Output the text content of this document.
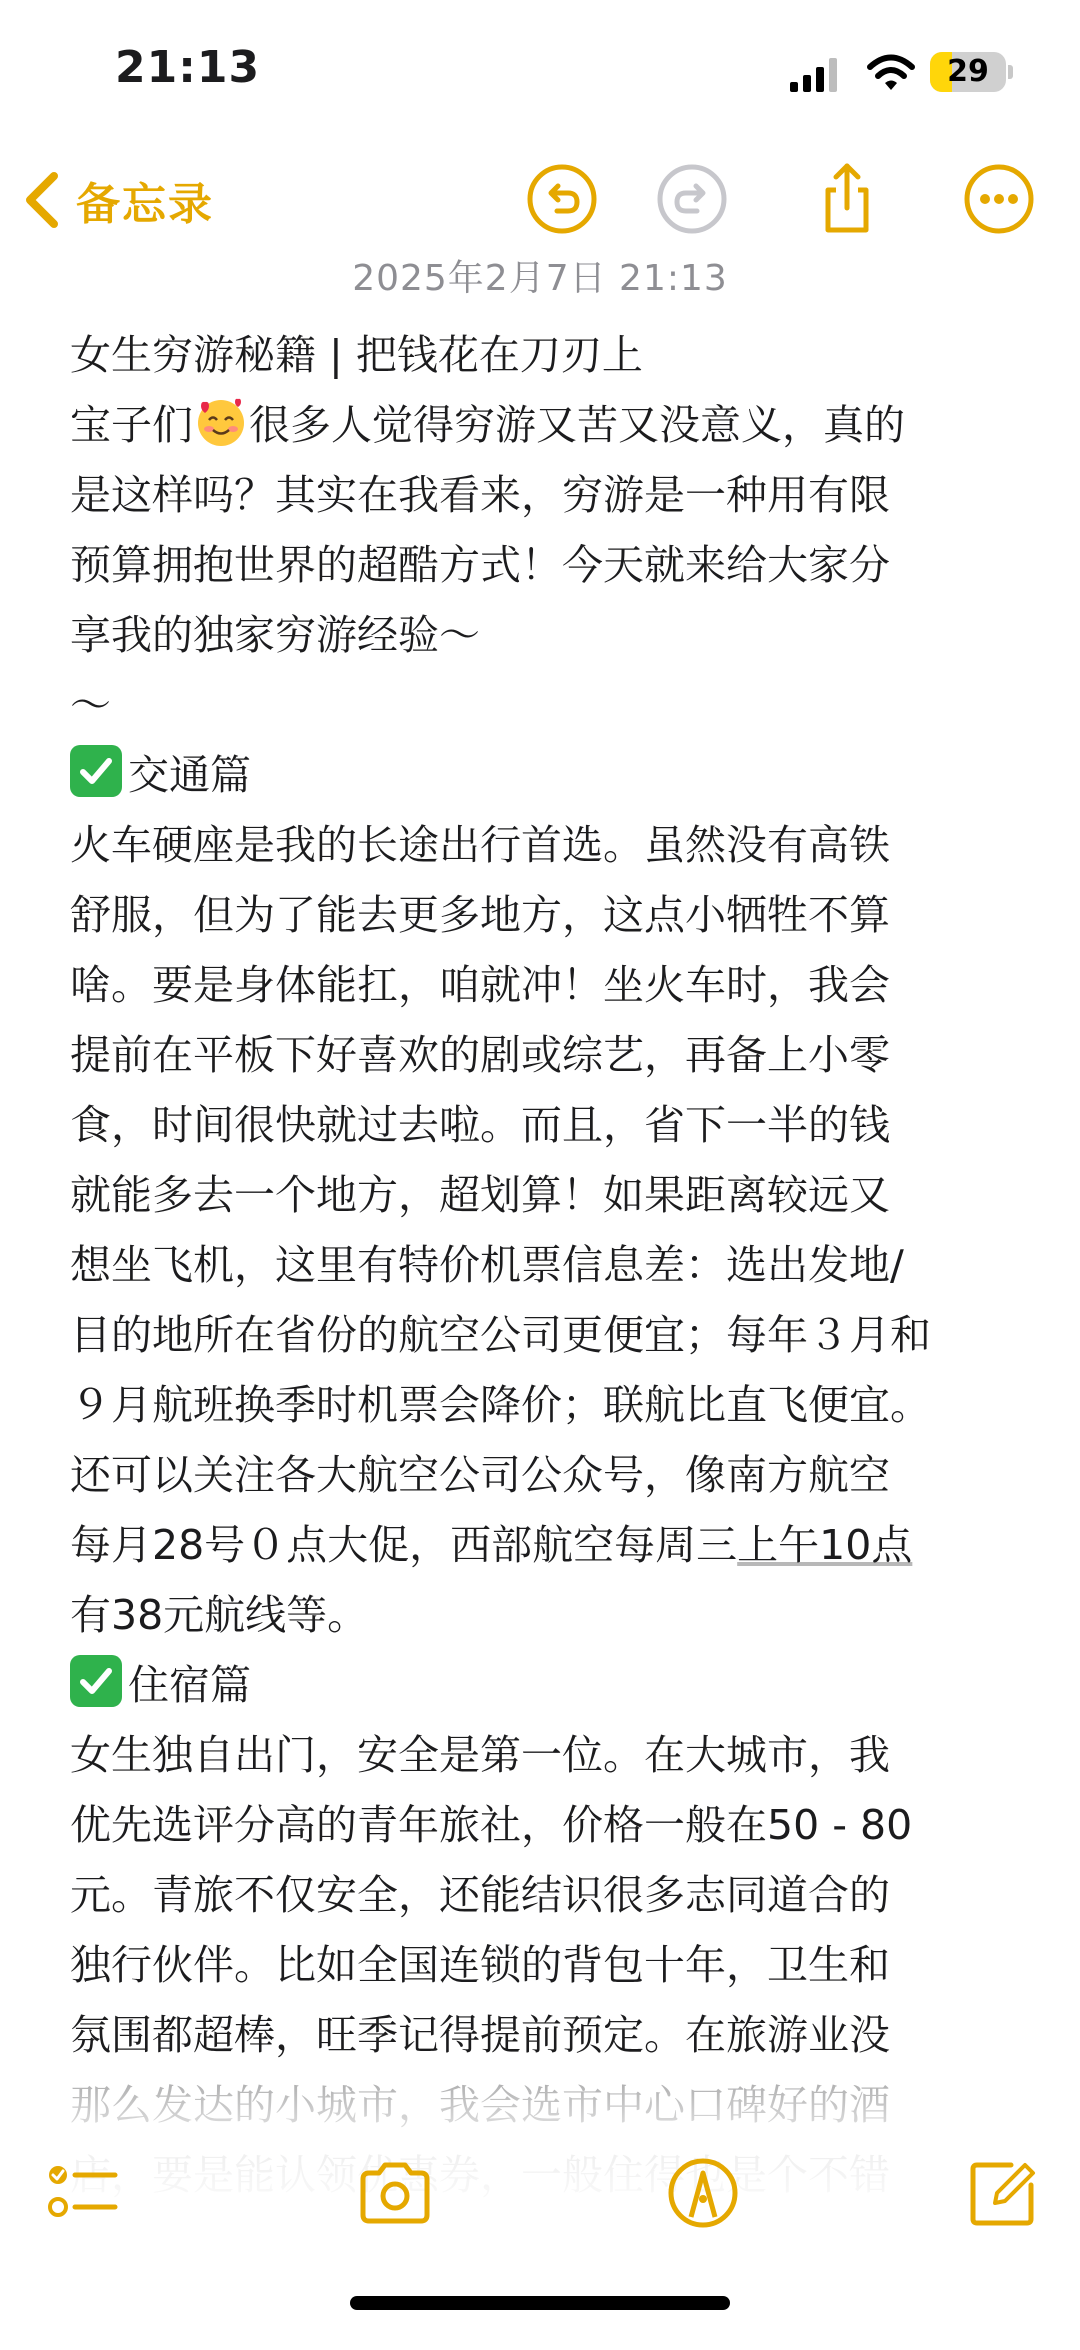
21:13	29
备忘录
2025年2月7日 21:13
女生穷游秘籍 | 把钱花在刀刃上
宝子们 很多人觉得穷游又苦又没意义，真的
是这样吗？其实在我看来，穷游是一种用有限
预算拥抱世界的超酷方式！今天就来给大家分
享我的独家穷游经验～
～
交通篇
火车硬座是我的长途出行首选。虽然没有高铁
舒服，但为了能去更多地方，这点小牺牲不算
啥。要是身体能扛，咱就冲！坐火车时，我会
提前在平板下好喜欢的剧或综艺，再备上小零
食，时间很快就过去啦。而且，省下一半的钱
就能多去一个地方，超划算！如果距离较远又
想坐飞机，这里有特价机票信息差：选出发地/
目的地所在省份的航空公司更便宜；每年３月和
９月航班换季时机票会降价；联航比直飞便宜。
还可以关注各大航空公司公众号，像南方航空
每月28号０点大促，西部航空每周三上午10点
有38元航线等。
住宿篇
女生独自出门，安全是第一位。在大城市，我
优先选评分高的青年旅社，价格一般在50 - 80
元。青旅不仅安全，还能结识很多志同道合的
独行伙伴。比如全国连锁的背包十年，卫生和
氛围都超棒，旺季记得提前预定。在旅游业没
